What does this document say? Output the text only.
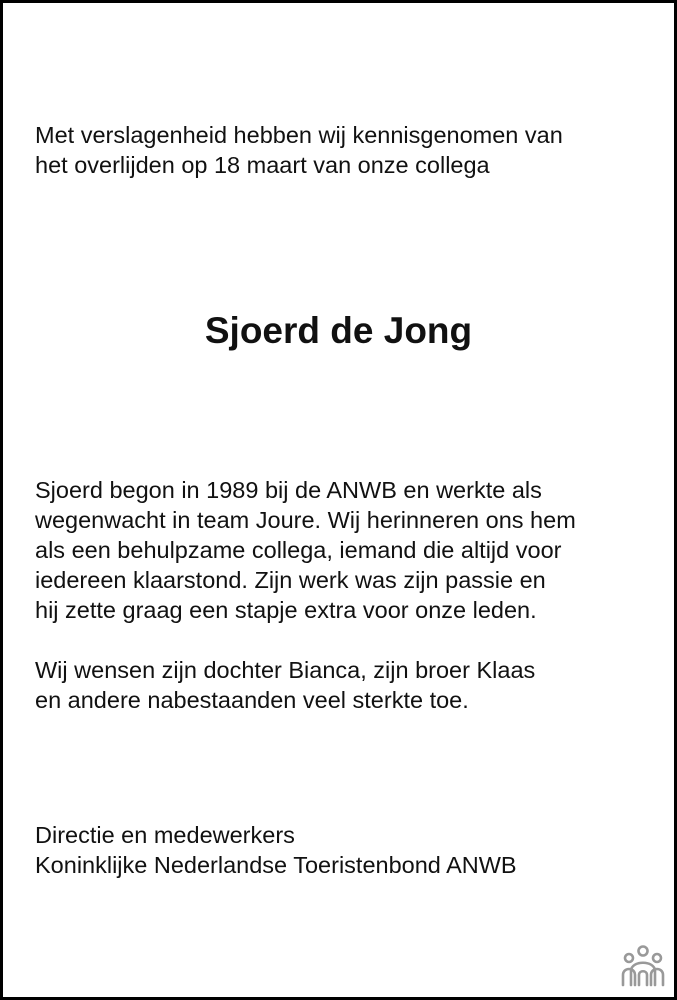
Met verslagenheid hebben wij kennisgenomen van
het overlijden op 18 maart van onze collega
Sjoerd de Jong
Sjoerd begon in 1989 bij de ANWB en werkte als
wegenwacht in team Joure. Wij herinneren ons hem
als een behulpzame collega, iemand die altijd voor
iedereen klaarstond. Zijn werk was zijn passie en
hij zette graag een stapje extra voor onze leden.
Wij wensen zijn dochter Bianca, zijn broer Klaas
en andere nabestaanden veel sterkte toe.
Directie en medewerkers
Koninklijke Nederlandse Toeristenbond ANWB
